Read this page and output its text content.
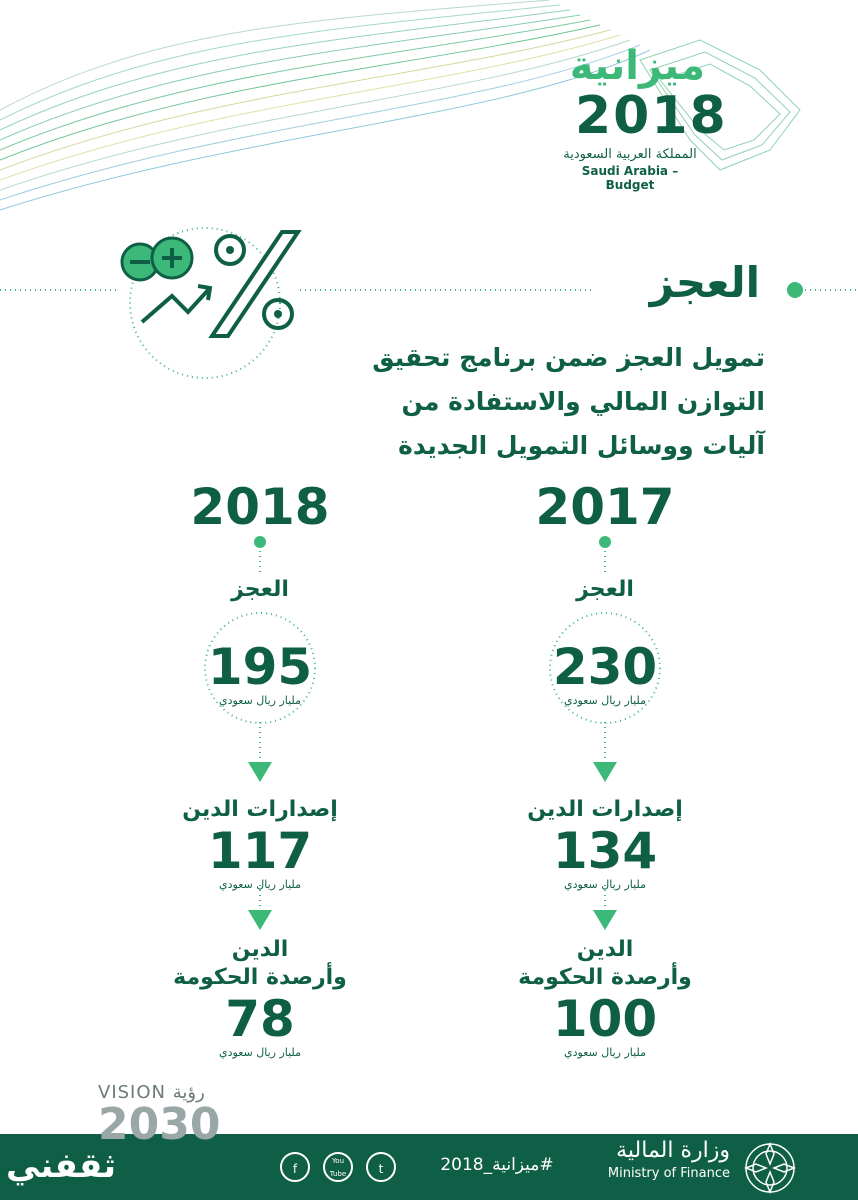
ميزانية
2018
المملكة العربية السعودية
Saudi Arabia – Budget
العجز
تمويل العجز ضمن برنامج تحقيق
التوازن المالي والاستفادة من
آليات ووسائل التمويل الجديدة
2017
العجز
230
مليار ريال سعودي
إصدارات الدين
134
مليار ريال سعودي
الدين
وأرصدة الحكومة
100
مليار ريال سعودي
2018
العجز
195
مليار ريال سعودي
إصدارات الدين
117
مليار ريال سعودي
الدين
وأرصدة الحكومة
78
مليار ريال سعودي
VISION رؤية
2030
ثقفني	f
You Tube	t	#ميزانية_2018
وزارة المالية
Ministry of Finance
